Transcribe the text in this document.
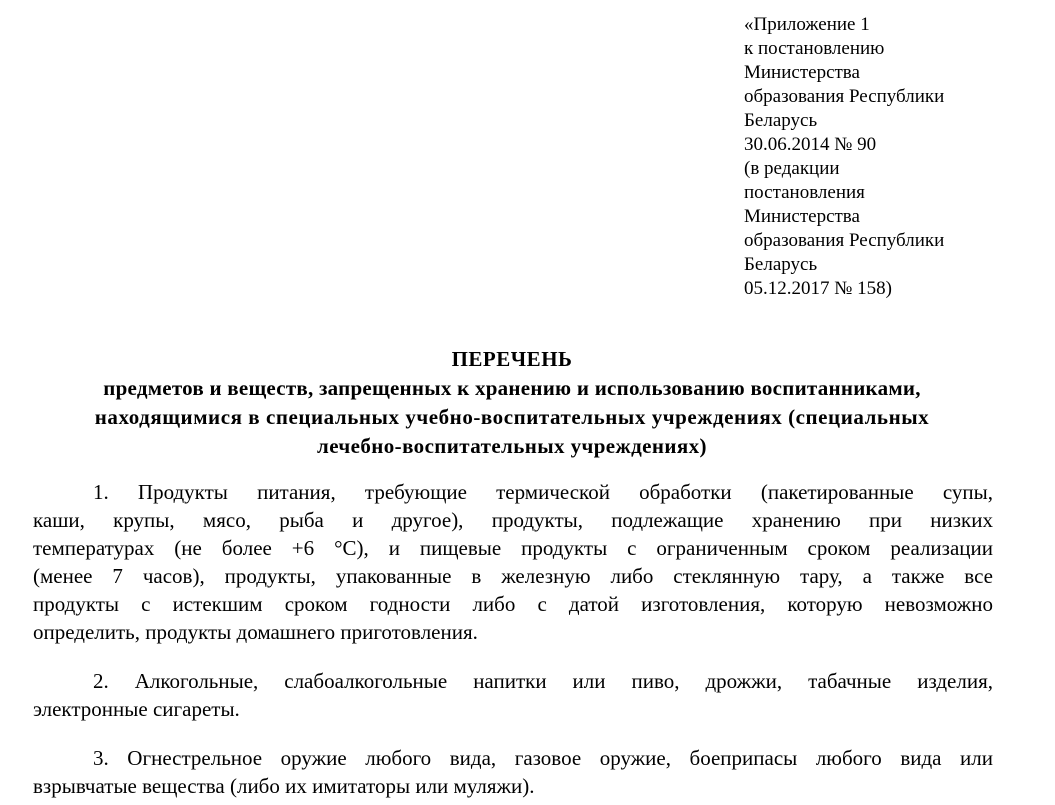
«Приложение 1
к постановлению
Министерства
образования Республики
Беларусь
30.06.2014 № 90
(в редакции
постановления
Министерства
образования Республики
Беларусь
05.12.2017 № 158)
ПЕРЕЧЕНЬ
предметов и веществ, запрещенных к хранению и использованию воспитанниками,
находящимися в специальных учебно-воспитательных учреждениях (специальных
лечебно-воспитательных учреждениях)
1. Продукты питания, требующие термической обработки (пакетированные супы,
каши, крупы, мясо, рыба и другое), продукты, подлежащие хранению при низких
температурах (не более +6 °С), и пищевые продукты с ограниченным сроком реализации
(менее 7 часов), продукты, упакованные в железную либо стеклянную тару, а также все
продукты с истекшим сроком годности либо с датой изготовления, которую невозможно
определить, продукты домашнего приготовления.
2. Алкогольные, слабоалкогольные напитки или пиво, дрожжи, табачные изделия,
электронные сигареты.
3. Огнестрельное оружие любого вида, газовое оружие, боеприпасы любого вида или
взрывчатые вещества (либо их имитаторы или муляжи).
